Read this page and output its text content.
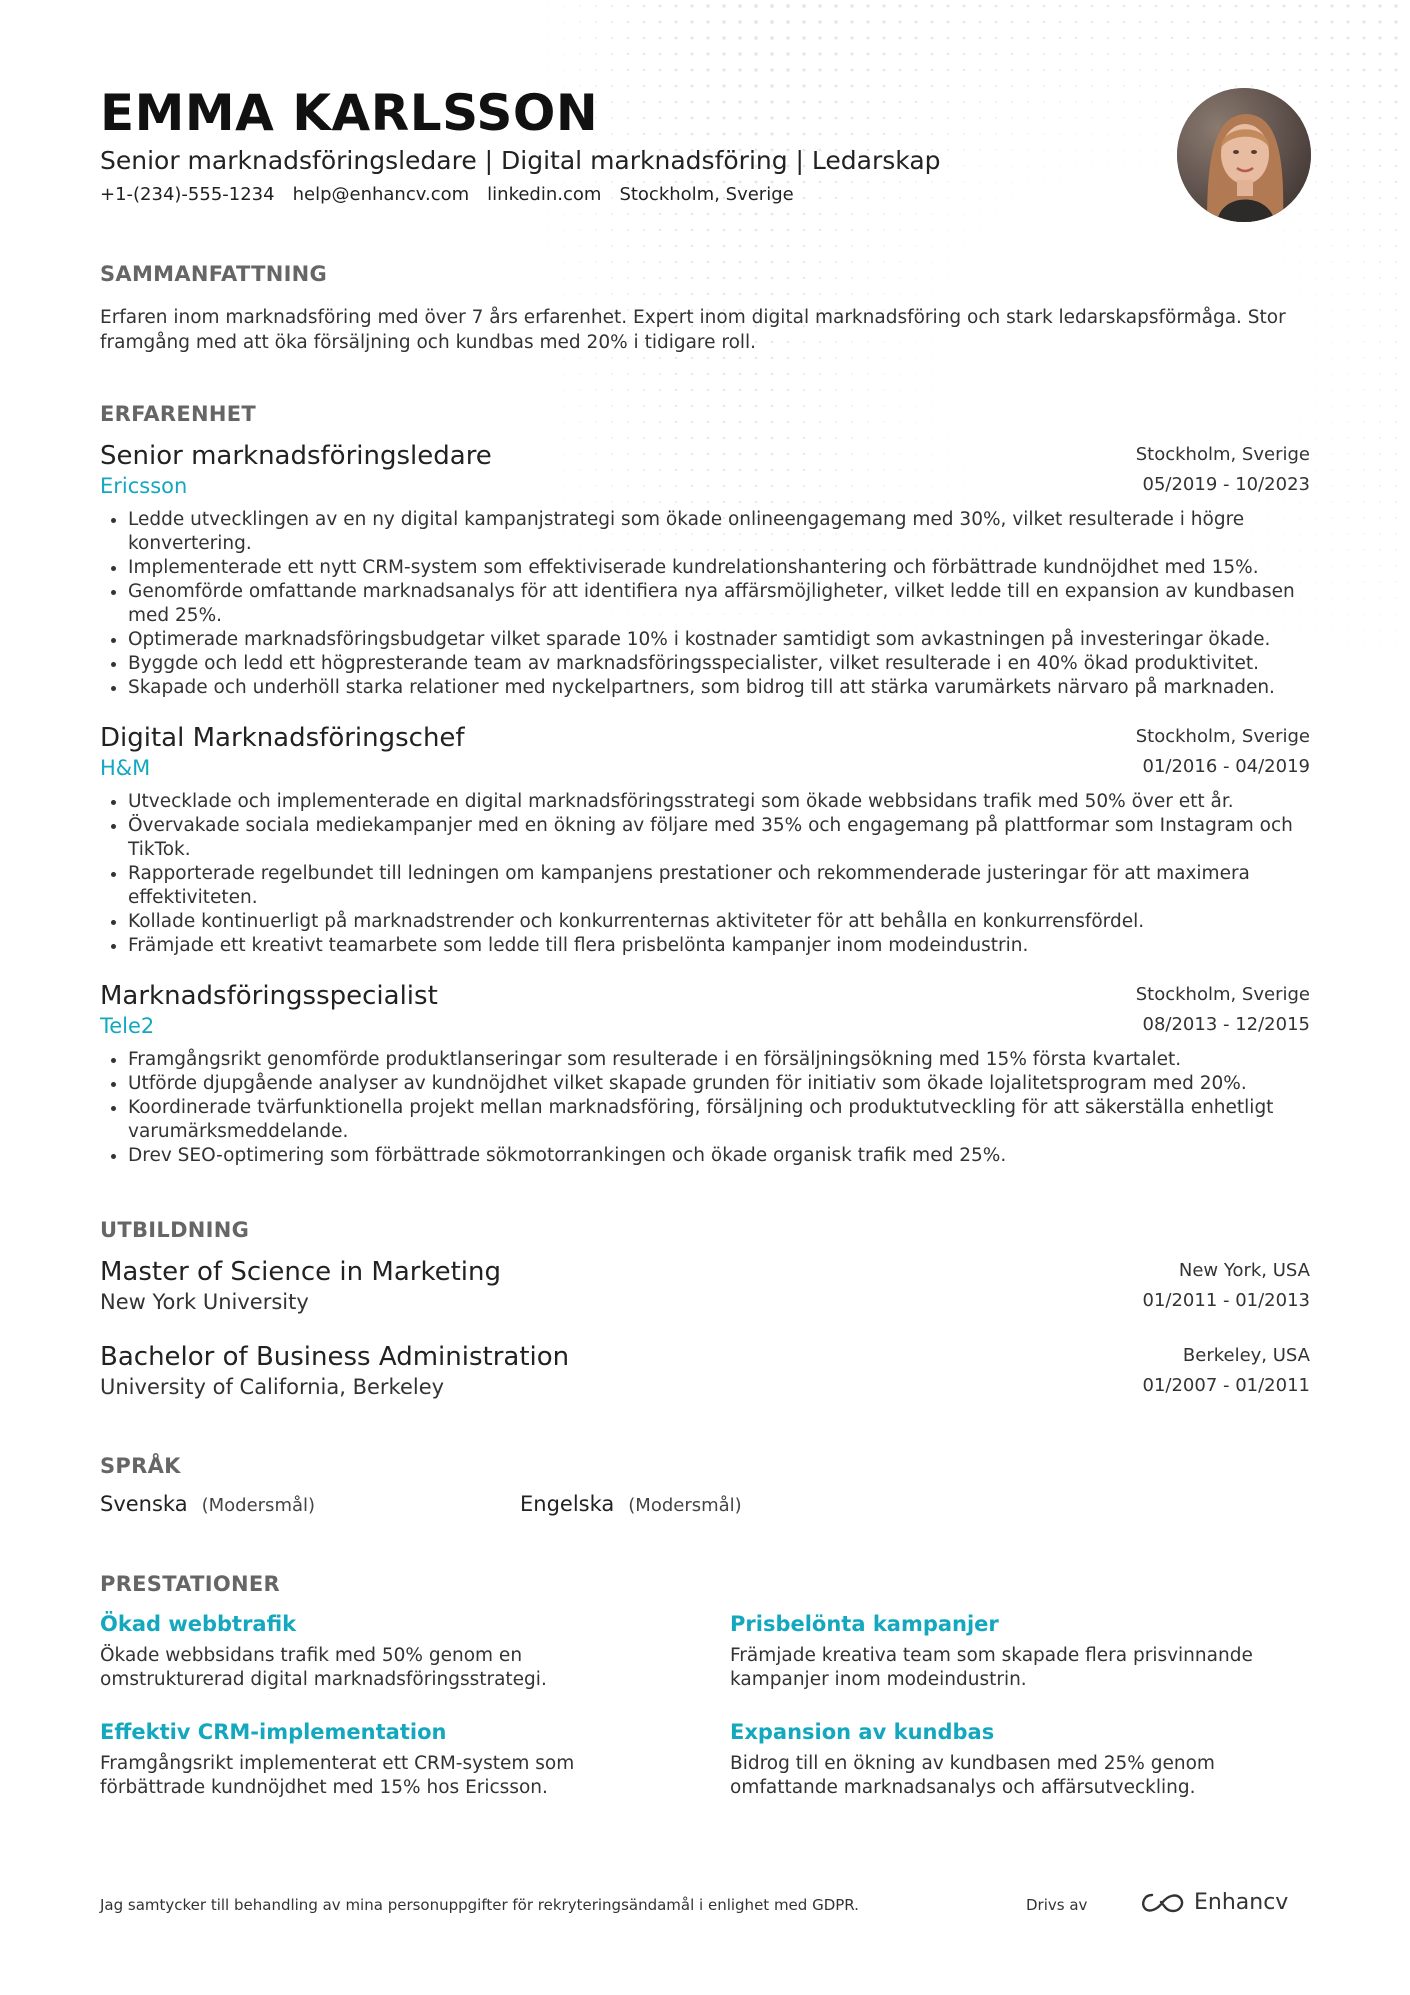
EMMA KARLSSON
Senior marknadsföringsledare | Digital marknadsföring | Ledarskap
+1-(234)-555-1234 help@enhancv.com linkedin.com Stockholm, Sverige
SAMMANFATTNING
Erfaren inom marknadsföring med över 7 års erfarenhet. Expert inom digital marknadsföring och stark ledarskapsförmåga. Stor framgång med att öka försäljning och kundbas med 20% i tidigare roll.
ERFARENHET
Senior marknadsföringsledare
Ericsson
Stockholm, Sverige
05/2019 - 10/2023
• Ledde utvecklingen av en ny digital kampanjstrategi som ökade onlineengagemang med 30%, vilket resulterade i högre konvertering.
• Implementerade ett nytt CRM-system som effektiviserade kundrelationshantering och förbättrade kundnöjdhet med 15%.
• Genomförde omfattande marknadsanalys för att identifiera nya affärsmöjligheter, vilket ledde till en expansion av kundbasen med 25%.
• Optimerade marknadsföringsbudgetar vilket sparade 10% i kostnader samtidigt som avkastningen på investeringar ökade.
• Byggde och ledd ett högpresterande team av marknadsföringsspecialister, vilket resulterade i en 40% ökad produktivitet.
• Skapade och underhöll starka relationer med nyckelpartners, som bidrog till att stärka varumärkets närvaro på marknaden.
Digital Marknadsföringschef
H&M
Stockholm, Sverige
01/2016 - 04/2019
• Utvecklade och implementerade en digital marknadsföringsstrategi som ökade webbsidans trafik med 50% över ett år.
• Övervakade sociala mediekampanjer med en ökning av följare med 35% och engagemang på plattformar som Instagram och TikTok.
• Rapporterade regelbundet till ledningen om kampanjens prestationer och rekommenderade justeringar för att maximera effektiviteten.
• Kollade kontinuerligt på marknadstrender och konkurrenternas aktiviteter för att behålla en konkurrensfördel.
• Främjade ett kreativt teamarbete som ledde till flera prisbelönta kampanjer inom modeindustrin.
Marknadsföringsspecialist
Tele2
Stockholm, Sverige
08/2013 - 12/2015
• Framgångsrikt genomförde produktlanseringar som resulterade i en försäljningsökning med 15% första kvartalet.
• Utförde djupgående analyser av kundnöjdhet vilket skapade grunden för initiativ som ökade lojalitetsprogram med 20%.
• Koordinerade tvärfunktionella projekt mellan marknadsföring, försäljning och produktutveckling för att säkerställa enhetligt varumärksmeddelande.
• Drev SEO-optimering som förbättrade sökmotorrankingen och ökade organisk trafik med 25%.
UTBILDNING
Master of Science in Marketing
New York University
New York, USA
01/2011 - 01/2013
Bachelor of Business Administration
University of California, Berkeley
Berkeley, USA
01/2007 - 01/2011
SPRÅK
Svenska (Modersmål)	Engelska (Modersmål)
PRESTATIONER
Ökad webbtrafik
Ökade webbsidans trafik med 50% genom en omstrukturerad digital marknadsföringsstrategi.
Prisbelönta kampanjer
Främjade kreativa team som skapade flera prisvinnande kampanjer inom modeindustrin.
Effektiv CRM-implementation
Framgångsrikt implementerat ett CRM-system som förbättrade kundnöjdhet med 15% hos Ericsson.
Expansion av kundbas
Bidrog till en ökning av kundbasen med 25% genom omfattande marknadsanalys och affärsutveckling.
Jag samtycker till behandling av mina personuppgifter för rekryteringsändamål i enlighet med GDPR.	Drivs av	Enhancv
